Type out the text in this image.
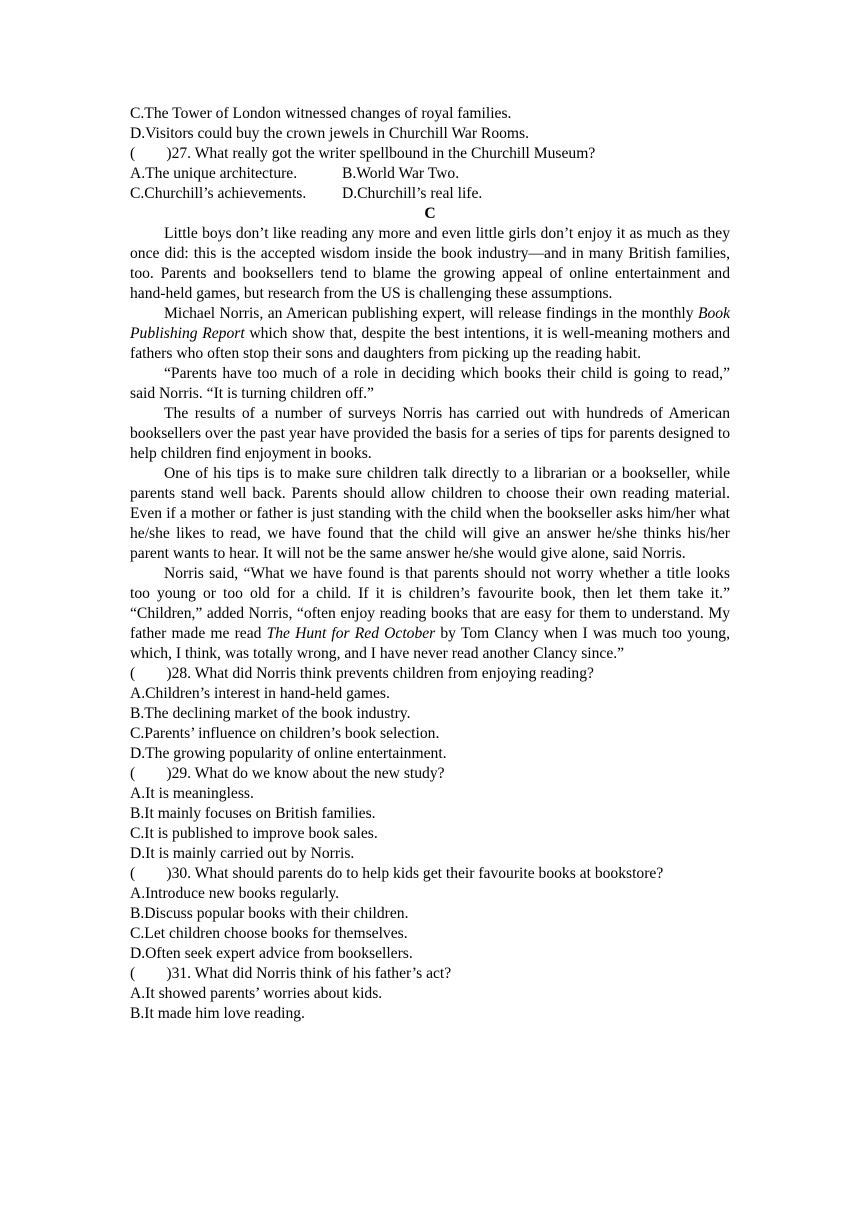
C.The Tower of London witnessed changes of royal families.

D.Visitors could buy the crown jewels in Churchill War Rooms.

(        )27. What really got the writer spellbound in the Churchill Museum?

A.The unique architecture.	B.World War Two.
C.Churchill’s achievements. D.Churchill’s real life.

C

Little boys don’t like reading any more and even little girls don’t enjoy it as much as they once did: this is the accepted wisdom inside the book industry—and in many British families, too. Parents and booksellers tend to blame the growing appeal of online entertainment and hand-held games, but research from the US is challenging these assumptions.

Michael Norris, an American publishing expert, will release findings in the monthly Book Publishing Report which show that, despite the best intentions, it is well-meaning mothers and fathers who often stop their sons and daughters from picking up the reading habit.

“Parents have too much of a role in deciding which books their child is going to read,” said Norris. “It is turning children off.”

The results of a number of surveys Norris has carried out with hundreds of American booksellers over the past year have provided the basis for a series of tips for parents designed to help children find enjoyment in books.

One of his tips is to make sure children talk directly to a librarian or a bookseller, while parents stand well back. Parents should allow children to choose their own reading material. Even if a mother or father is just standing with the child when the bookseller asks him/her what he/she likes to read, we have found that the child will give an answer he/she thinks his/her parent wants to hear. It will not be the same answer he/she would give alone, said Norris.

Norris said, “What we have found is that parents should not worry whether a title looks too young or too old for a child. If it is children’s favourite book, then let them take it.” “Children,” added Norris, “often enjoy reading books that are easy for them to understand. My father made me read The Hunt for Red October by Tom Clancy when I was much too young, which, I think, was totally wrong, and I have never read another Clancy since.”

(        )28. What did Norris think prevents children from enjoying reading?

A.Children’s interest in hand-held games.

B.The declining market of the book industry.

C.Parents’ influence on children’s book selection.

D.The growing popularity of online entertainment.

(        )29. What do we know about the new study?

A.It is meaningless.

B.It mainly focuses on British families.

C.It is published to improve book sales.

D.It is mainly carried out by Norris.

(        )30. What should parents do to help kids get their favourite books at bookstore?

A.Introduce new books regularly.

B.Discuss popular books with their children.

C.Let children choose books for themselves.

D.Often seek expert advice from booksellers.

(        )31. What did Norris think of his father’s act?

A.It showed parents’ worries about kids.

B.It made him love reading.
